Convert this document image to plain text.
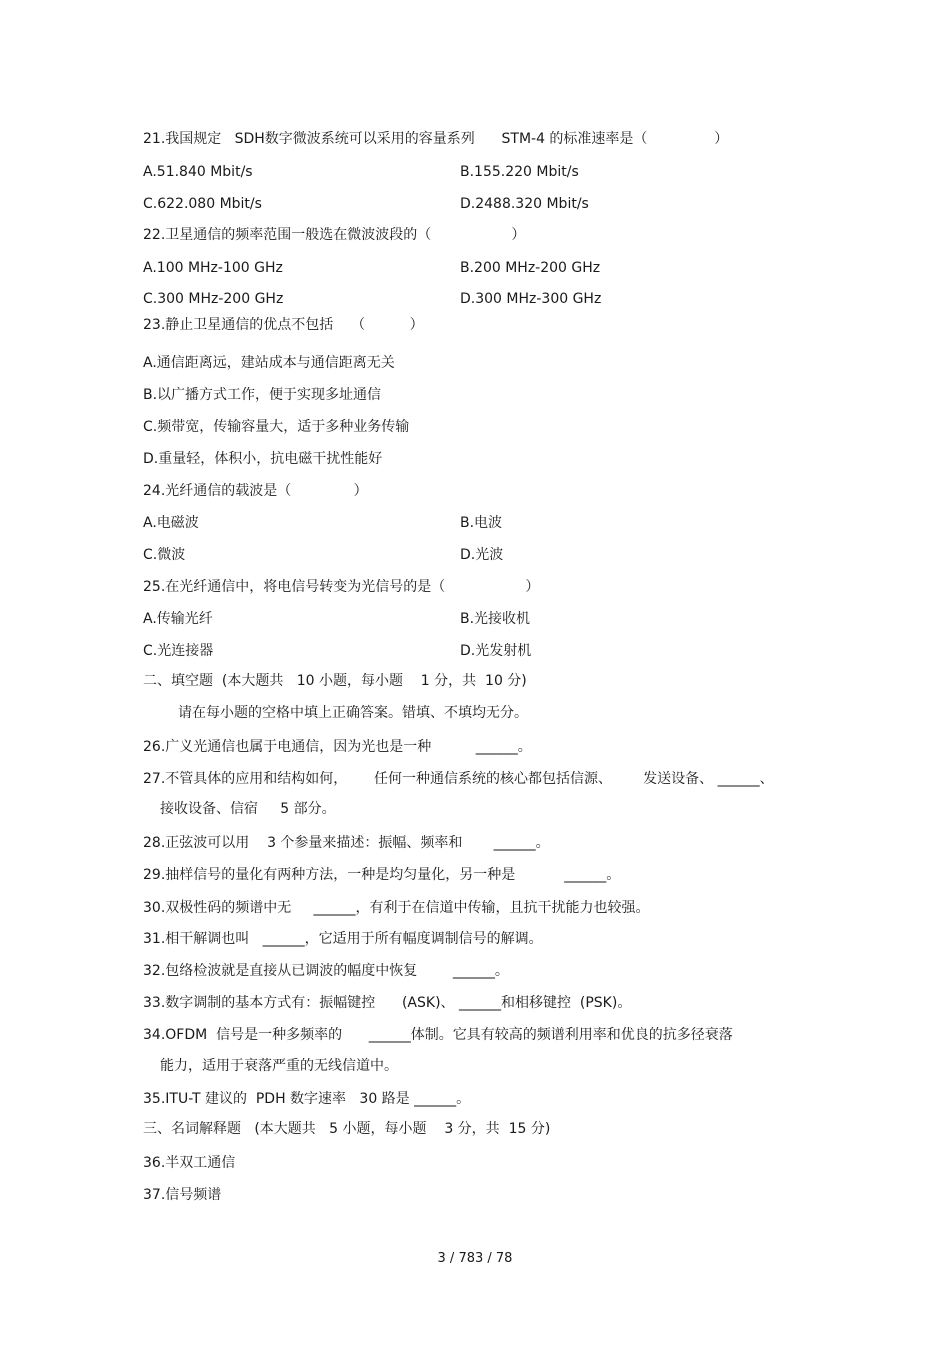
21.我国规定   SDH数字微波系统可以采用的容量系列      STM-4 的标准速率是（               ）
A.51.840 Mbit/s	B.155.220 Mbit/s
C.622.080 Mbit/s	D.2488.320 Mbit/s
22.卫星通信的频率范围一般选在微波波段的（                  ）
A.100 MHz-100 GHz	B.200 MHz-200 GHz
C.300 MHz-200 GHz	D.300 MHz-300 GHz
23.静止卫星通信的优点不包括    （          ）
A.通信距离远，建站成本与通信距离无关
B.以广播方式工作，便于实现多址通信
C.频带宽，传输容量大，适于多种业务传输
D.重量轻，体积小，抗电磁干扰性能好
24.光纤通信的载波是（              ）
A.电磁波	B.电波
C.微波	D.光波
25.在光纤通信中，将电信号转变为光信号的是（                  ）
A.传输光纤	B.光接收机
C.光连接器	D.光发射机
二、填空题  (本大题共   10 小题，每小题    1 分，共  10 分)
请在每小题的空格中填上正确答案。错填、不填均无分。
26.广义光通信也属于电通信，因为光也是一种          ______。
27.不管具体的应用和结构如何，      任何一种通信系统的核心都包括信源、       发送设备、 ______、
接收设备、信宿     5 部分。
28.正弦波可以用    3 个参量来描述：振幅、频率和       ______。
29.抽样信号的量化有两种方法，一种是均匀量化，另一种是           ______。
30.双极性码的频谱中无     ______，有利于在信道中传输，且抗干扰能力也较强。
31.相干解调也叫   ______，它适用于所有幅度调制信号的解调。
32.包络检波就是直接从已调波的幅度中恢复        ______。
33.数字调制的基本方式有：振幅键控      (ASK)、 ______和相移键控  (PSK)。
34.OFDM  信号是一种多频率的      ______体制。它具有较高的频谱利用率和优良的抗多径衰落
能力，适用于衰落严重的无线信道中。
35.ITU-T 建议的  PDH 数字速率   30 路是 ______。
三、名词解释题   (本大题共   5 小题，每小题    3 分，共  15 分)
36.半双工通信
37.信号频谱
3 / 783 / 78
